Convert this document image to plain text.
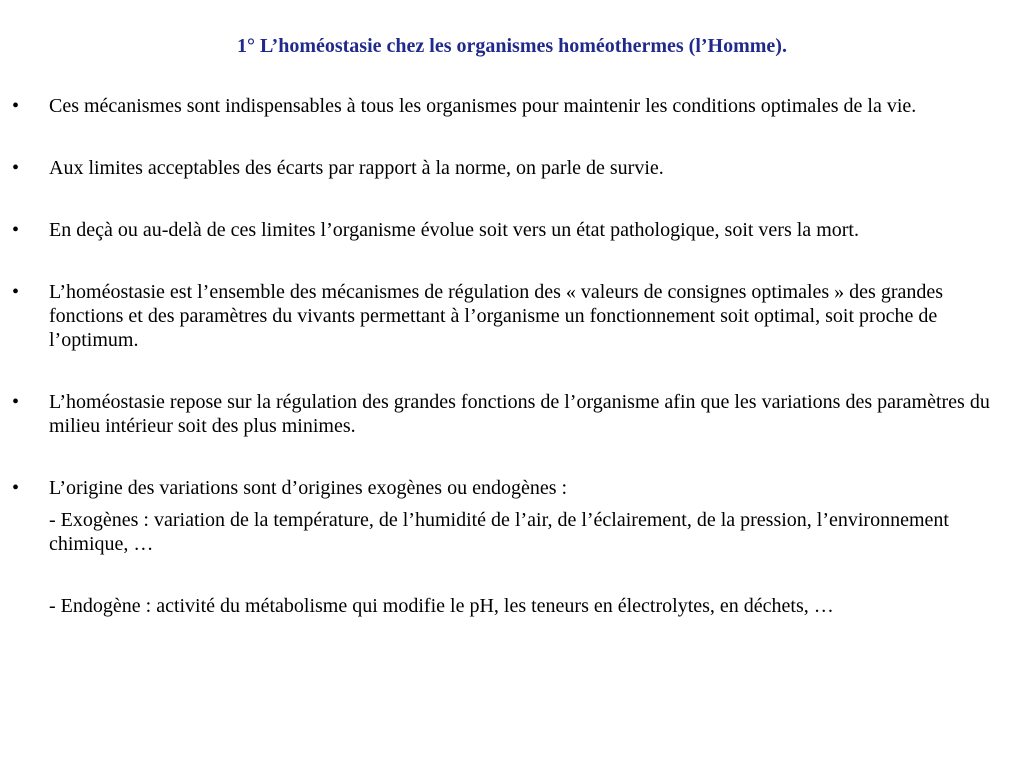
1° L’homéostasie chez les organismes homéothermes (l’Homme).
•	Ces mécanismes sont indispensables à tous les organismes pour maintenir les conditions optimales de la vie.
•	Aux limites acceptables des écarts par rapport à la norme, on parle de survie.
•	En deçà ou au-delà de ces limites l’organisme évolue soit vers un état pathologique, soit vers la mort.
•	L’homéostasie est l’ensemble des mécanismes de régulation des « valeurs de consignes optimales » des grandes fonctions et des paramètres du vivants permettant à l’organisme un fonctionnement soit optimal, soit proche de l’optimum.
•	L’homéostasie repose sur la régulation des grandes fonctions de l’organisme afin que les variations des paramètres du milieu intérieur soit des plus minimes.
•	L’origine des variations sont d’origines exogènes ou endogènes :
- Exogènes : variation de la température, de l’humidité de l’air, de l’éclairement, de la pression, l’environnement chimique, …
- Endogène : activité du métabolisme qui modifie le pH, les teneurs en électrolytes, en déchets, …
